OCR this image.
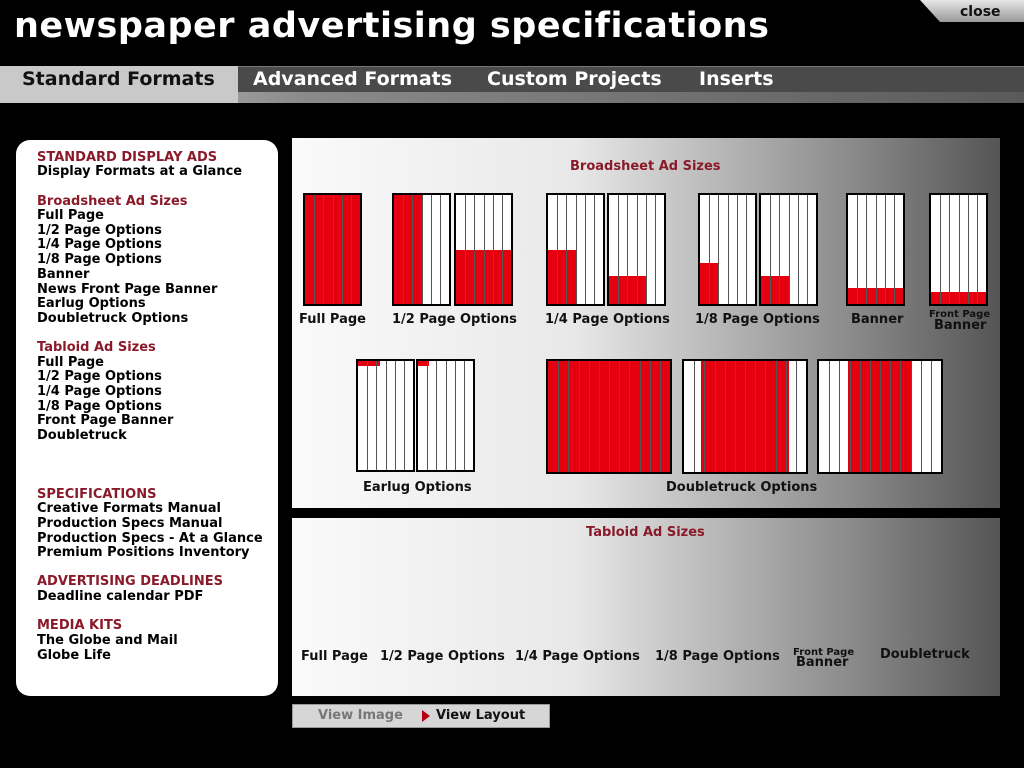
newspaper advertising specifications	close
Standard Formats Advanced Formats Custom Projects Inserts
STANDARD DISPLAY ADS
Display Formats at a Glance
Broadsheet Ad Sizes
Full Page
1/2 Page Options
1/4 Page Options
1/8 Page Options
Banner
News Front Page Banner
Earlug Options
Doubletruck Options
Tabloid Ad Sizes
Full Page
1/2 Page Options
1/4 Page Options
1/8 Page Options
Front Page Banner
Doubletruck
SPECIFICATIONS
Creative Formats Manual
Production Specs Manual
Production Specs - At a Glance
Premium Positions Inventory
ADVERTISING DEADLINES
Deadline calendar PDF
MEDIA KITS
The Globe and Mail
Globe Life
Broadsheet Ad Sizes
Full Page 1/2 Page Options 1/4 Page Options 1/8 Page Options Banner	Front Page
Banner
Earlug Options	Doubletruck Options
Tabloid Ad Sizes
Full Page 1/2 Page Options 1/4 Page Options 1/8 Page Options Front Page
Banner
Doubletruck
View Image	View Layout
